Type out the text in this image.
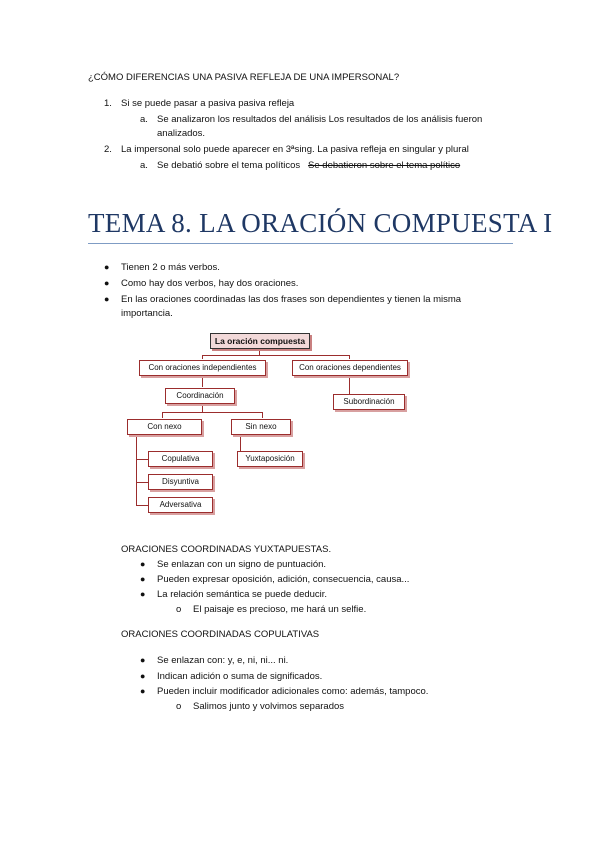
¿CÓMO DIFERENCIAS UNA PASIVA REFLEJA DE UNA IMPERSONAL?
1. Si se puede pasar a pasiva pasiva refleja
a. Se analizaron los resultados del análisis Los resultados de los análisis fueron
analizados.
2. La impersonal solo puede aparecer en 3ªsing. La pasiva refleja en singular y plural
a. Se debatió sobre el tema políticos Se debatieron sobre el tema político
TEMA 8. LA ORACIÓN COMPUESTA I
● Tienen 2 o más verbos.
● Como hay dos verbos, hay dos oraciones.
● En las oraciones coordinadas las dos frases son dependientes y tienen la misma
importancia.
La oración compuesta
Con oraciones independientes	Con oraciones dependientes
Coordinación
Subordinación
Con nexo	Sin nexo
Copulativa	Yuxtaposición
Disyuntiva
Adversativa
ORACIONES COORDINADAS YUXTAPUESTAS.
● Se enlazan con un signo de puntuación.
● Pueden expresar oposición, adición, consecuencia, causa...
● La relación semántica se puede deducir.
o El paisaje es precioso, me hará un selfie.
ORACIONES COORDINADAS COPULATIVAS
● Se enlazan con: y, e, ni, ni... ni.
● Indican adición o suma de significados.
● Pueden incluir modificador adicionales como: además, tampoco.
o Salimos junto y volvimos separados
